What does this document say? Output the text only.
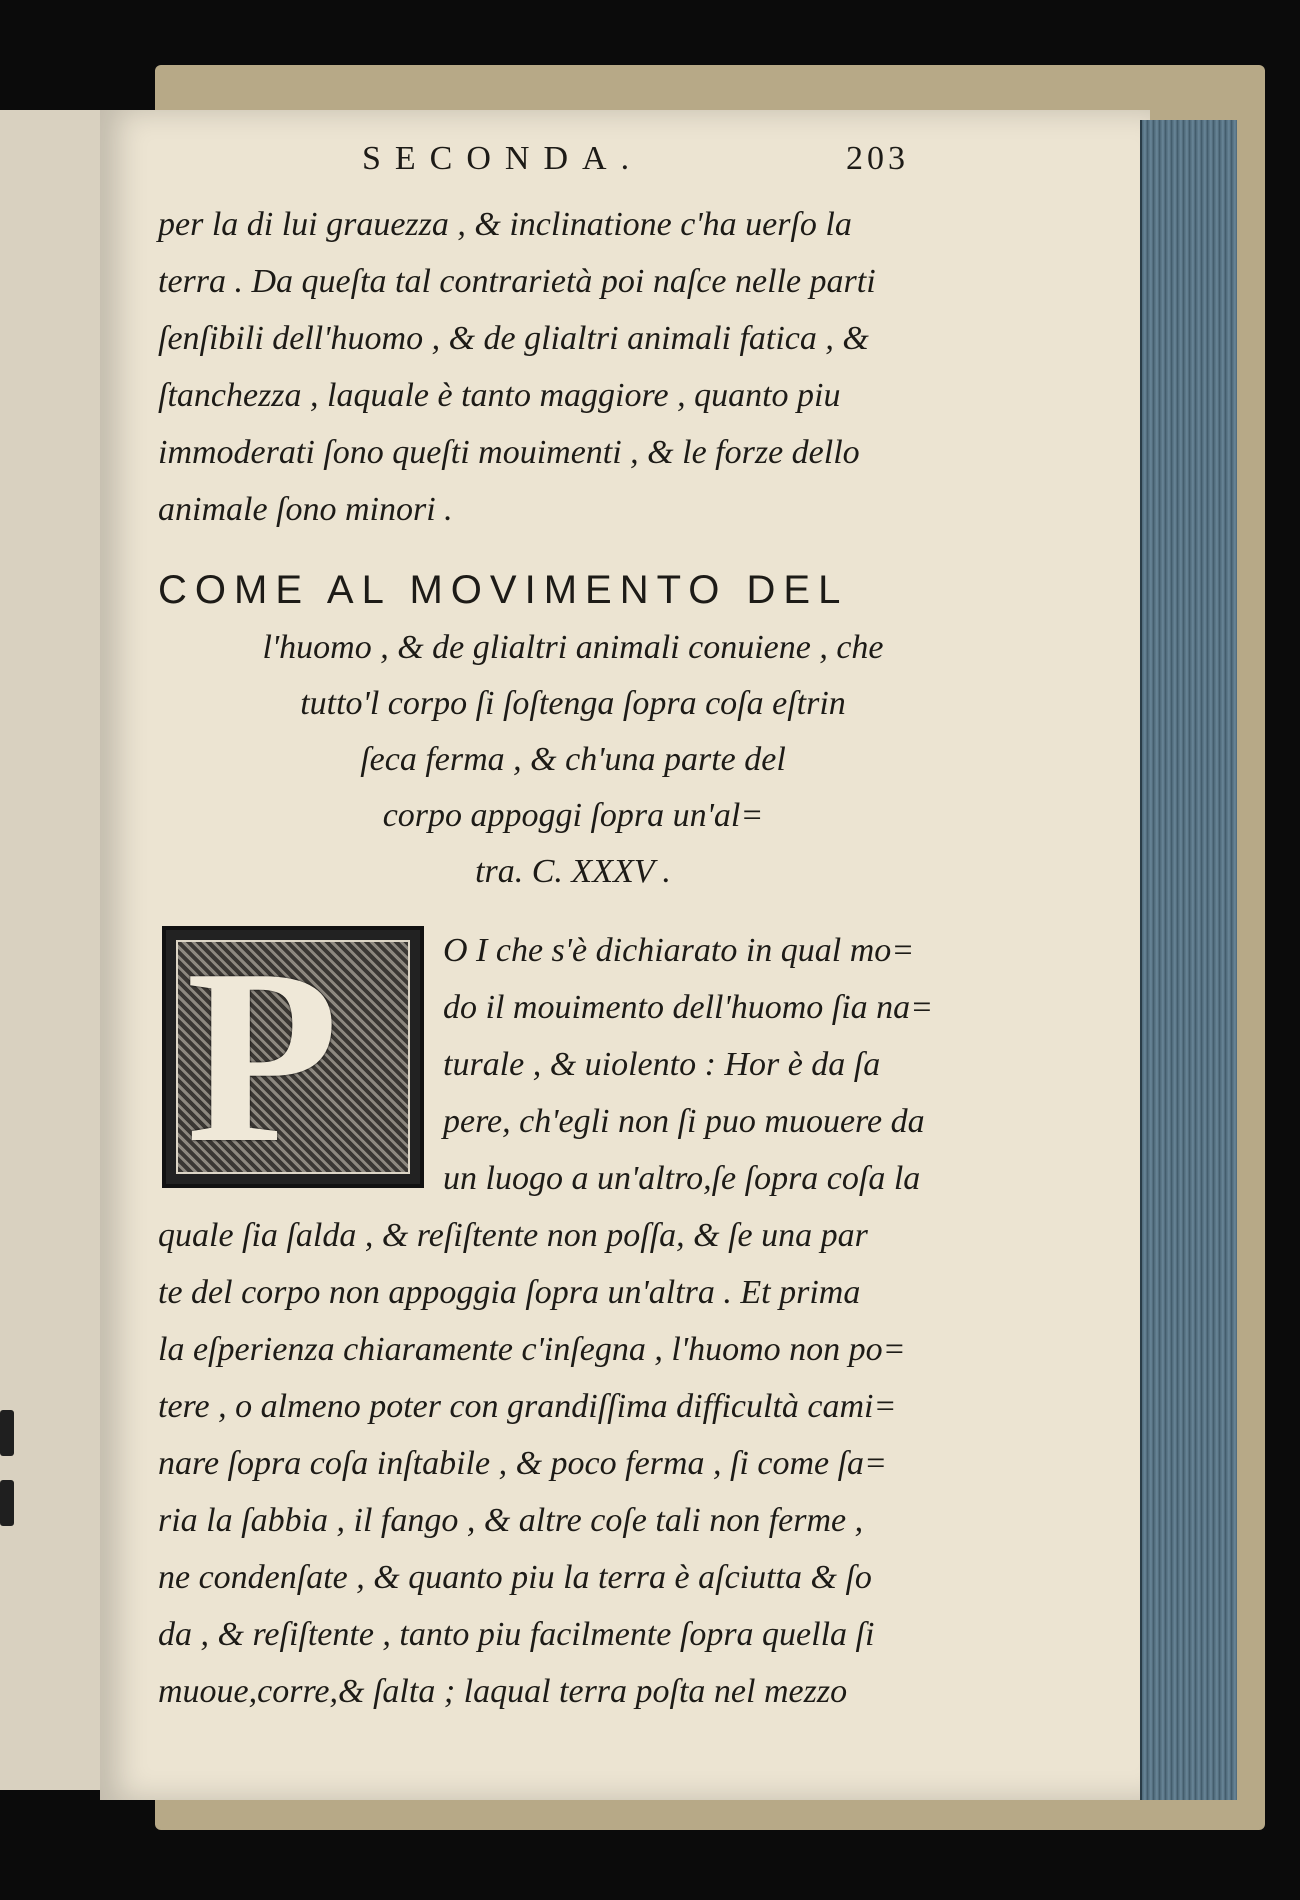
SECONDA.	203
per la di lui grauezza , & inclinatione c'ha uerſo la
terra . Da queſta tal contrarietà poi naſce nelle parti
ſenſibili dell'huomo , & de glialtri animali fatica , &
ſtanchezza , laquale è tanto maggiore , quanto piu
immoderati ſono queſti mouimenti , & le forze dello
animale ſono minori .
COME AL MOVIMENTO DEL
l'huomo , & de glialtri animali conuiene , che
tutto'l corpo ſi ſoſtenga ſopra coſa eſtrin
ſeca ferma , & ch'una parte del
corpo appoggi ſopra un'al=
tra. C. XXXV .
P	O I che s'è dichiarato in qual mo=
do il mouimento dell'huomo ſia na=
turale , & uiolento : Hor è da ſa
pere, ch'egli non ſi puo muouere da
un luogo a un'altro,ſe ſopra coſa la
quale ſia ſalda , & reſiſtente non poſſa, & ſe una par
te del corpo non appoggia ſopra un'altra . Et prima
la eſperienza chiaramente c'inſegna , l'huomo non po=
tere , o almeno poter con grandiſſima difficultà cami=
nare ſopra coſa inſtabile , & poco ferma , ſi come ſa=
ria la ſabbia , il fango , & altre coſe tali non ferme ,
ne condenſate , & quanto piu la terra è aſciutta & ſo
da , & reſiſtente , tanto piu facilmente ſopra quella ſi
muoue,corre,& ſalta ; laqual terra poſta nel mezzo
